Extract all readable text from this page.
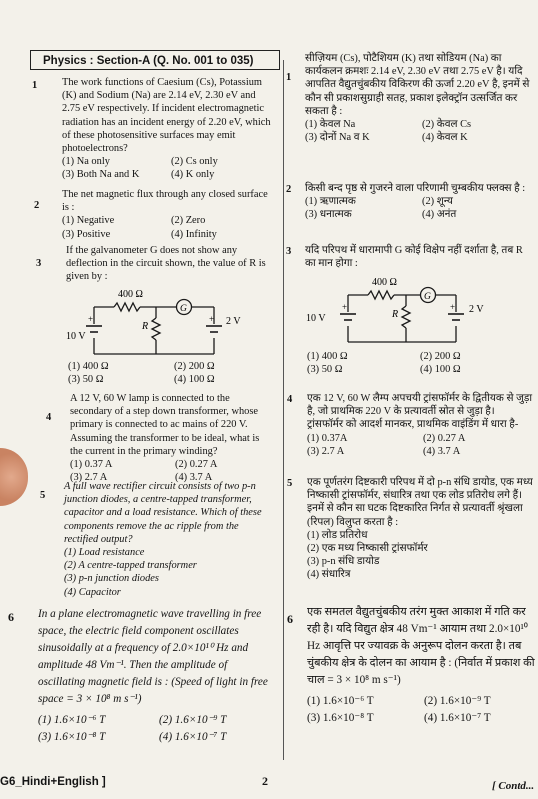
Physics : Section-A (Q. No. 001 to 035)
1 The work functions of Caesium (Cs), Potassium (K) and Sodium (Na) are 2.14 eV, 2.30 eV and 2.75 eV respectively. If incident electromagnetic radiation has an incident energy of 2.20 eV, which of these photosensitive surfaces may emit photoelectrons?
(1) Na only	(2) Cs only
(3) Both Na and K	(4) K only
2
The net magnetic flux through any closed surface is :
(1) Negative	(2) Zero
(3) Positive	(4) Infinity
3
If the galvanometer G does not show any deflection in the circuit shown, the value of R is given by :
400 Ω
G
R
10 V
2 V
+	+
(1) 400 Ω	(2) 200 Ω
(3) 50 Ω	(4) 100 Ω
4
A 12 V, 60 W lamp is connected to the secondary of a step down transformer, whose primary is connected to ac mains of 220 V. Assuming the transformer to be ideal, what is the current in the primary winding?
(1) 0.37 A	(2) 0.27 A
(3) 2.7 A	(4) 3.7 A
5
A full wave rectifier circuit consists of two p-n junction diodes, a centre-tapped transformer, capacitor and a load resistance. Which of these components remove the ac ripple from the rectified output?
(1) Load resistance
(2) A centre-tapped transformer
(3) p-n junction diodes
(4) Capacitor
6 In a plane electromagnetic wave travelling in free space, the electric field component oscillates sinusoidally at a frequency of 2.0×10¹⁰ Hz and amplitude 48 Vm⁻¹. Then the amplitude of oscillating magnetic field is : (Speed of light in free space = 3 × 10⁸ m s⁻¹)
(1) 1.6×10⁻⁶ T	(2) 1.6×10⁻⁹ T
(3) 1.6×10⁻⁸ T	(4) 1.6×10⁻⁷ T
1
सीज़ियम (Cs), पोटैशियम (K) तथा सोडियम (Na) का कार्यकलन क्रमशः 2.14 eV, 2.30 eV तथा 2.75 eV है। यदि आपतित वैद्युतचुंबकीय विकिरण की ऊर्जा 2.20 eV है, इनमें से कौन सी प्रकाशसुग्राही सतह, प्रकाश इलेक्ट्रॉन उत्सर्जित कर सकता है :
(1) केवल Na	(2) केवल Cs
(3) दोनों Na व K	(4) केवल K
2 किसी बन्द पृष्ठ से गुजरने वाला परिणामी चुम्बकीय फ्लक्स है :
(1) ऋणात्मक	(2) शून्य
(3) धनात्मक	(4) अनंत
3 यदि परिपथ में धारामापी G कोई विक्षेप नहीं दर्शाता है, तब R का मान होगा :
400 Ω
G
R
10 V
2 V
+	+
(1) 400 Ω	(2) 200 Ω
(3) 50 Ω	(4) 100 Ω
4 एक 12 V, 60 W लैम्प अपचयी ट्रांसफॉर्मर के द्वितीयक से जुड़ा है, जो प्राथमिक 220 V के प्रत्यावर्ती स्रोत से जुड़ा है। ट्रांसफॉर्मर को आदर्श मानकर, प्राथमिक वाइंडिंग में धारा है-
(1) 0.37A	(2) 0.27 A
(3) 2.7 A	(4) 3.7 A
5 एक पूर्णतरंग दिष्टकारी परिपथ में दो p-n संधि डायोड, एक मध्य निष्कासी ट्रांसफॉर्मर, संधारित्र तथा एक लोड प्रतिरोध लगे हैं। इनमें से कौन सा घटक दिष्टकारित निर्गत से प्रत्यावर्ती श्रृंखला (रिपल) विलुप्त करता है :
(1) लोड प्रतिरोध
(2) एक मध्य निष्कासी ट्रांसफॉर्मर
(3) p-n संधि डायोड
(4) संधारित्र
6 एक समतल वैद्युतचुंबकीय तरंग मुक्त आकाश में गति कर रही है। यदि विद्युत क्षेत्र 48 Vm⁻¹ आयाम तथा 2.0×10¹⁰ Hz आवृत्ति पर ज्यावक्र के अनुरूप दोलन करता है। तब चुंबकीय क्षेत्र के दोलन का आयाम है : (निर्वात में प्रकाश की चाल = 3 × 10⁸ m s⁻¹)
(1) 1.6×10⁻⁶ T	(2) 1.6×10⁻⁹ T
(3) 1.6×10⁻⁸ T	(4) 1.6×10⁻⁷ T
G6_Hindi+English ]	2	[ Contd...
